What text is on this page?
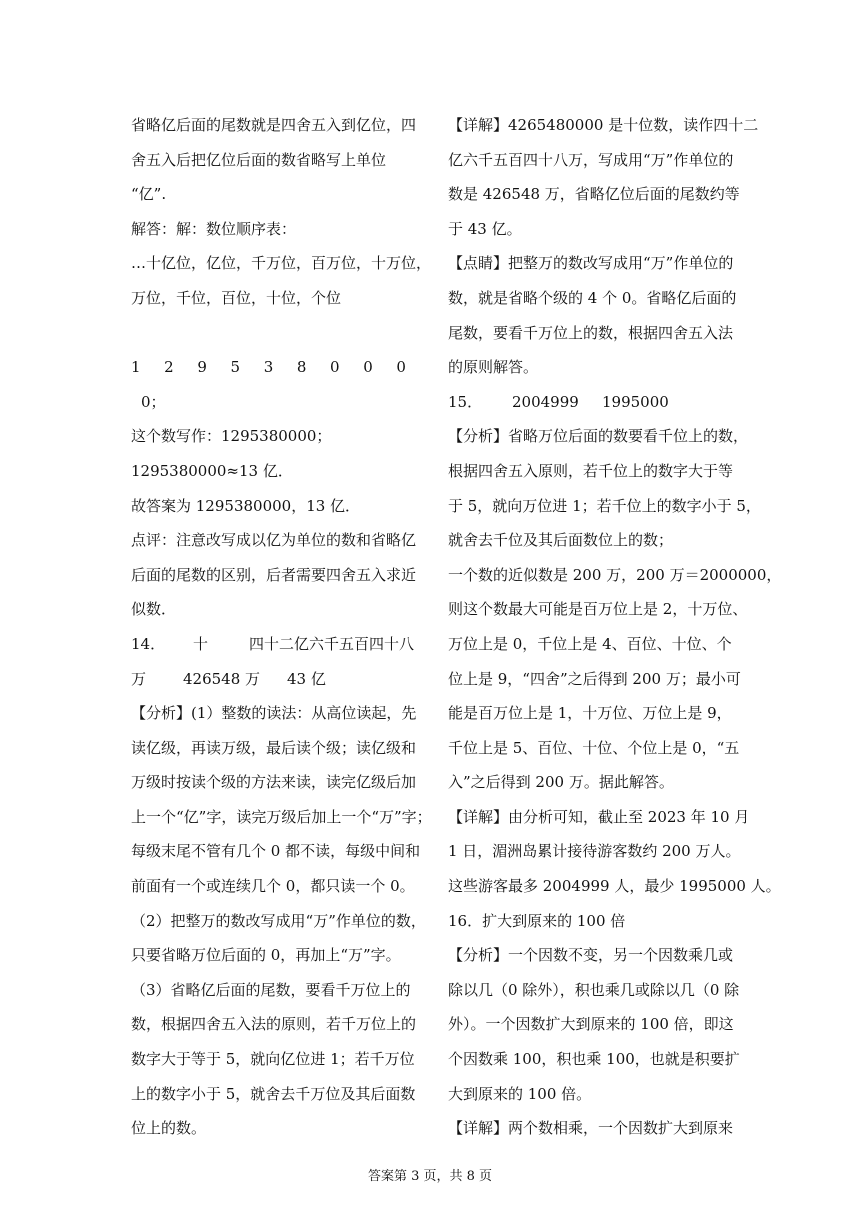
省略亿后面的尾数就是四舍五入到亿位，四
舍五入后把亿位后面的数省略写上单位
“亿”.
解答：解：数位顺序表：
…十亿位，亿位，千万位，百万位，十万位，
万位，千位，百位，十位，个位
1 2 9 5 3 8 0 0 0
0；
这个数写作：1295380000；
1295380000≈13 亿．
故答案为 1295380000，13 亿．
点评：注意改写成以亿为单位的数和省略亿
后面的尾数的区别，后者需要四舍五入求近
似数．
14．	十	四十二亿六千五百四十八
万	426548 万	43 亿
【分析】(1）整数的读法：从高位读起，先
读亿级，再读万级，最后读个级；读亿级和
万级时按读个级的方法来读，读完亿级后加
上一个“亿”字，读完万级后加上一个“万”字；
每级末尾不管有几个 0 都不读，每级中间和
前面有一个或连续几个 0，都只读一个 0。
（2）把整万的数改写成用“万”作单位的数，
只要省略万位后面的 0，再加上“万”字。
（3）省略亿后面的尾数，要看千万位上的
数，根据四舍五入法的原则，若千万位上的
数字大于等于 5，就向亿位进 1；若千万位
上的数字小于 5，就舍去千万位及其后面数
位上的数。
【详解】4265480000 是十位数，读作四十二
亿六千五百四十八万，写成用“万”作单位的
数是 426548 万，省略亿位后面的尾数约等
于 43 亿。
【点睛】把整万的数改写成用“万”作单位的
数，就是省略个级的 4 个 0。省略亿后面的
尾数，要看千万位上的数，根据四舍五入法
的原则解答。
15．	2004999	1995000
【分析】省略万位后面的数要看千位上的数，
根据四舍五入原则，若千位上的数字大于等
于 5，就向万位进 1；若千位上的数字小于 5，
就舍去千位及其后面数位上的数；
一个数的近似数是 200 万，200 万＝2000000，
则这个数最大可能是百万位上是 2，十万位、
万位上是 0，千位上是 4、百位、十位、个
位上是 9，“四舍”之后得到 200 万；最小可
能是百万位上是 1，十万位、万位上是 9，
千位上是 5、百位、十位、个位上是 0，“五
入”之后得到 200 万。据此解答。
【详解】由分析可知，截止至 2023 年 10 月
1 日，湄洲岛累计接待游客数约 200 万人。
这些游客最多 2004999 人，最少 1995000 人。
16．扩大到原来的 100 倍
【分析】一个因数不变，另一个因数乘几或
除以几（0 除外），积也乘几或除以几（0 除
外）。一个因数扩大到原来的 100 倍，即这
个因数乘 100，积也乘 100，也就是积要扩
大到原来的 100 倍。
【详解】两个数相乘，一个因数扩大到原来
答案第 3 页，共 8 页
